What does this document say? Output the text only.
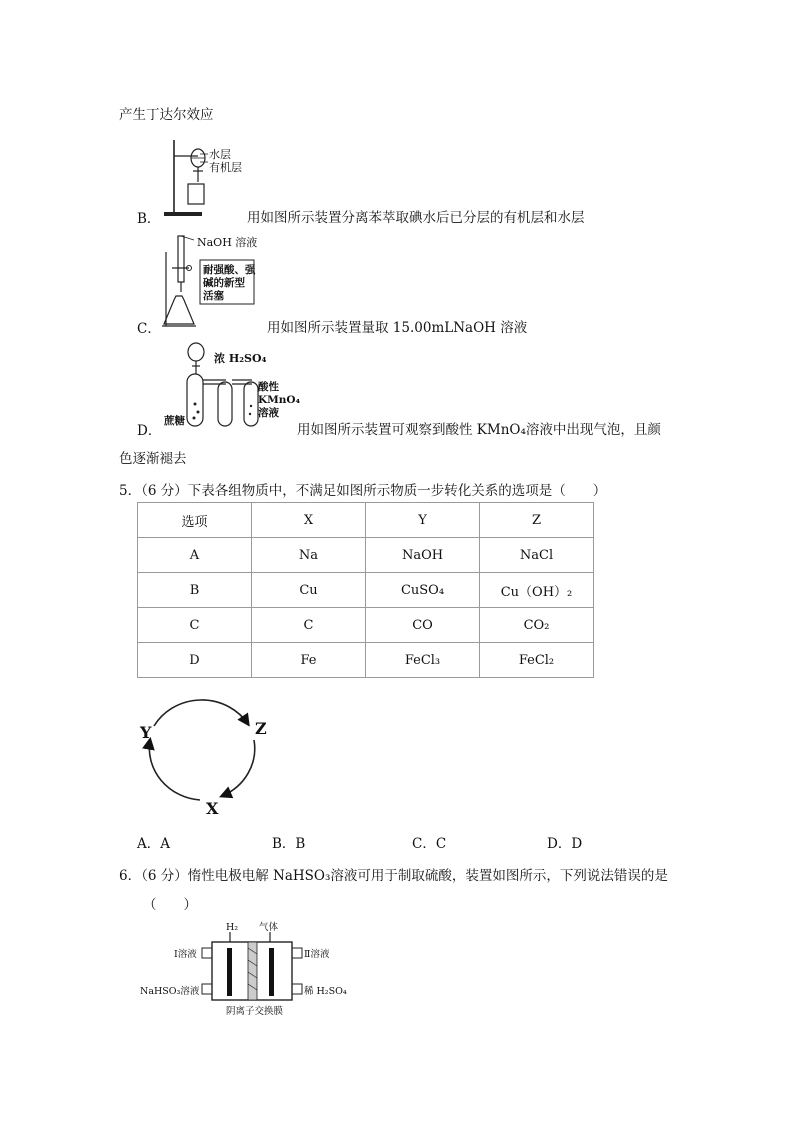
产生丁达尔效应
水层
有机层
B．	用如图所示装置分离苯萃取碘水后已分层的有机层和水层
NaOH 溶液
耐强酸、强
碱的新型
活塞
C．	用如图所示装置量取 15.00mLNaOH 溶液
浓 H₂SO₄
酸性
KMnO₄
溶液
蔗糖
D．	用如图所示装置可观察到酸性 KMnO₄溶液中出现气泡，且颜
色逐渐褪去
5．（6 分）下表各组物质中，不满足如图所示物质一步转化关系的选项是（　　）
选项	X	Y	Z
A	Na	NaOH	NaCl
B	Cu	CuSO₄	Cu（OH）₂
C	C	CO	CO₂
D	Fe	FeCl₃	FeCl₂
Y	Z
X
A．A	B．B	C．C	D．D
6．（6 分）惰性电极电解 NaHSO₃溶液可用于制取硫酸，装置如图所示，下列说法错误的是
（　　）
H₂ 气体
Ⅰ溶液	Ⅱ溶液
NaHSO₃溶液	稀 H₂SO₄
阴离子交换膜
